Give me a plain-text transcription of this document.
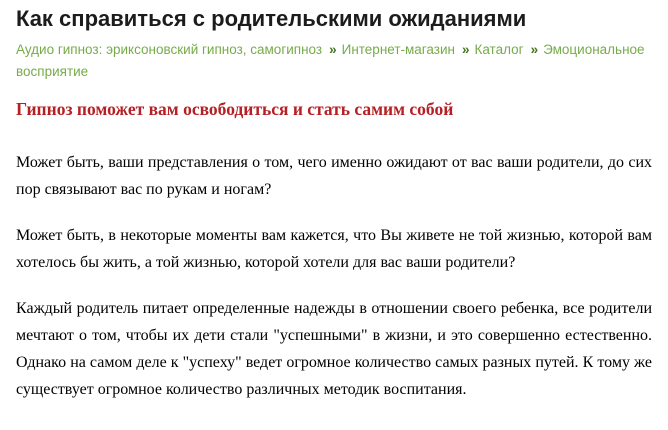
Как справиться с родительскими ожиданиями
Аудио гипноз: эриксоновский гипноз, самогипноз » Интернет-магазин » Каталог » Эмоциональное восприятие
Гипноз поможет вам освободиться и стать самим собой

Может быть, ваши представления о том, чего именно ожидают от вас ваши родители, до сих пор связывают вас по рукам и ногам?

Может быть, в некоторые моменты вам кажется, что Вы живете не той жизнью, которой вам хотелось бы жить, а той жизнью, которой хотели для вас ваши родители?

Каждый родитель питает определенные надежды в отношении своего ребенка, все родители мечтают о том, чтобы их дети стали "успешными" в жизни, и это совершенно естественно. Однако на самом деле к "успеху" ведет огромное количество самых разных путей. К тому же существует огромное количество различных методик воспитания.
